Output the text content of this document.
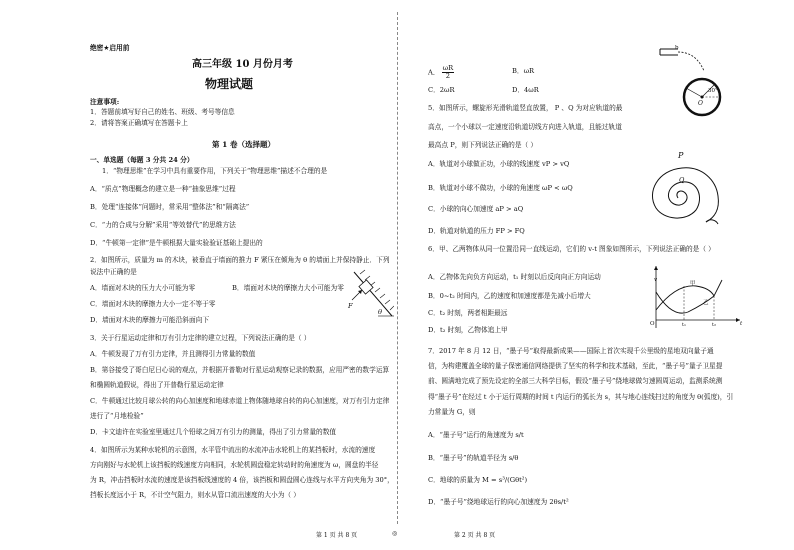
绝密★启用前
高三年级 10 月份月考
物理试题
注意事项:
1．答题前填写好自己的姓名、班级、考号等信息
2．请将答案正确填写在答题卡上
第 1 卷（选择题）
一、单选题（每题 3 分共 24 分）
1．“物理思维”在学习中具有重要作用，下列关于“物理思维”描述不合理的是
A．“质点”物理概念的建立是一种“抽象思维”过程
B．处理“连接体”问题时，常采用“整体法”和“隔离法”
C．“力的合成与分解”采用“等效替代”的思维方法
D．“牛顿第一定律”是牛顿根据大量实验验证基础上提出的
2．如图所示，质量为 m 的木块，被垂直于墙面的推力 F 紧压在倾角为 θ 的墙面上并保持静止．下列
说法中正确的是
A．墙面对木块的压力大小可能为零	B．墙面对木块的摩擦力大小可能为零
C．墙面对木块的摩擦力大小一定不等于零
D．墙面对木块的摩擦力可能沿斜面向下
F
θ
3．关于行星运动定律和万有引力定律的建立过程，下列说法正确的是（ ）
A．牛顿发现了万有引力定律，并且测得引力常量的数值
B．第谷接受了哥白尼日心说的观点，并根据开普勒对行星运动观察记录的数据，应用严密的数学运算
和椭圆轨道假说，得出了开普勒行星运动定律
C．牛顿通过比较月球公转的向心加速度和地球赤道上物体随地球自转的向心加速度，对万有引力定律
进行了“月地检验”
D．卡文迪许在实验室里通过几个铅球之间万有引力的测量，得出了引力常量的数值
4．如图所示为某种水轮机的示意图，水平管中流出的水流冲击水轮机上的某挡板时，水流的速度
方向刚好与水轮机上该挡板的线速度方向相同，水轮机圆盘稳定转动时的角速度为 ω，圆盘的半径
为 R，冲击挡板时水流的速度是该挡板线速度的 4 倍，该挡板和圆盘圆心连线与水平方向夹角为 30°，
挡板长度远小于 R，不计空气阻力，则水从管口流出速度的大小为（ ）
第 1 页 共 8 页	◎
A． $\frac{\omega R}{2}$	B．ωR
C．2ωR	D．4ωR
b
30°
O
5．如图所示，螺旋形光滑轨道竖直放置， P 、Q 为对应轨道的最
高点，一个小球以一定速度沿轨道切线方向进入轨道，且能过轨道
最高点 P，则下列说法正确的是（ ）
A．轨道对小球做正功，小球的线速度 vP > vQ
B．轨道对小球不做功，小球的角速度 ωP < ωQ
C．小球的向心加速度 aP > aQ
D．轨道对轨道的压力 FP > FQ
P
Q
6．甲、乙两物体从同一位置沿同一直线运动，它们的 v-t 图象如图所示，下列说法正确的是（ ）
A．乙物体先向负方向运动，t₁ 时刻以后反向向正方向运动
B．0~t₂ 时间内，乙的速度和加速度都是先减小后增大
C．t₂ 时刻，两者相距最远
D．t₂ 时刻，乙物体追上甲
v
t
O
甲
乙
t₁	t₂
7．2017 年 8 月 12 日，“墨子号”取得最新成果——国际上首次实现千公里级的星地双向量子通
信，为构建覆盖全球的量子保密通信网络提供了坚实的科学和技术基础，至此，“墨子号”量子卫星提
前、圆满地完成了预先设定的全部三大科学目标，假设“墨子号”绕地球做匀速圆周运动，监测系统测
得“墨子号”在经过 t 小于运行周期的时间 t 内运行的弧长为 s，其与地心连线扫过的角度为 θ(弧度)，引
力常量为 G，则
A．“墨子号”运行的角速度为 s/t
B．“墨子号”的轨道半径为 s/θ
C．地球的质量为 M = s³/(Gθt²)
D．“墨子号”绕地球运行的向心加速度为 2θs/t²
第 2 页 共 8 页
